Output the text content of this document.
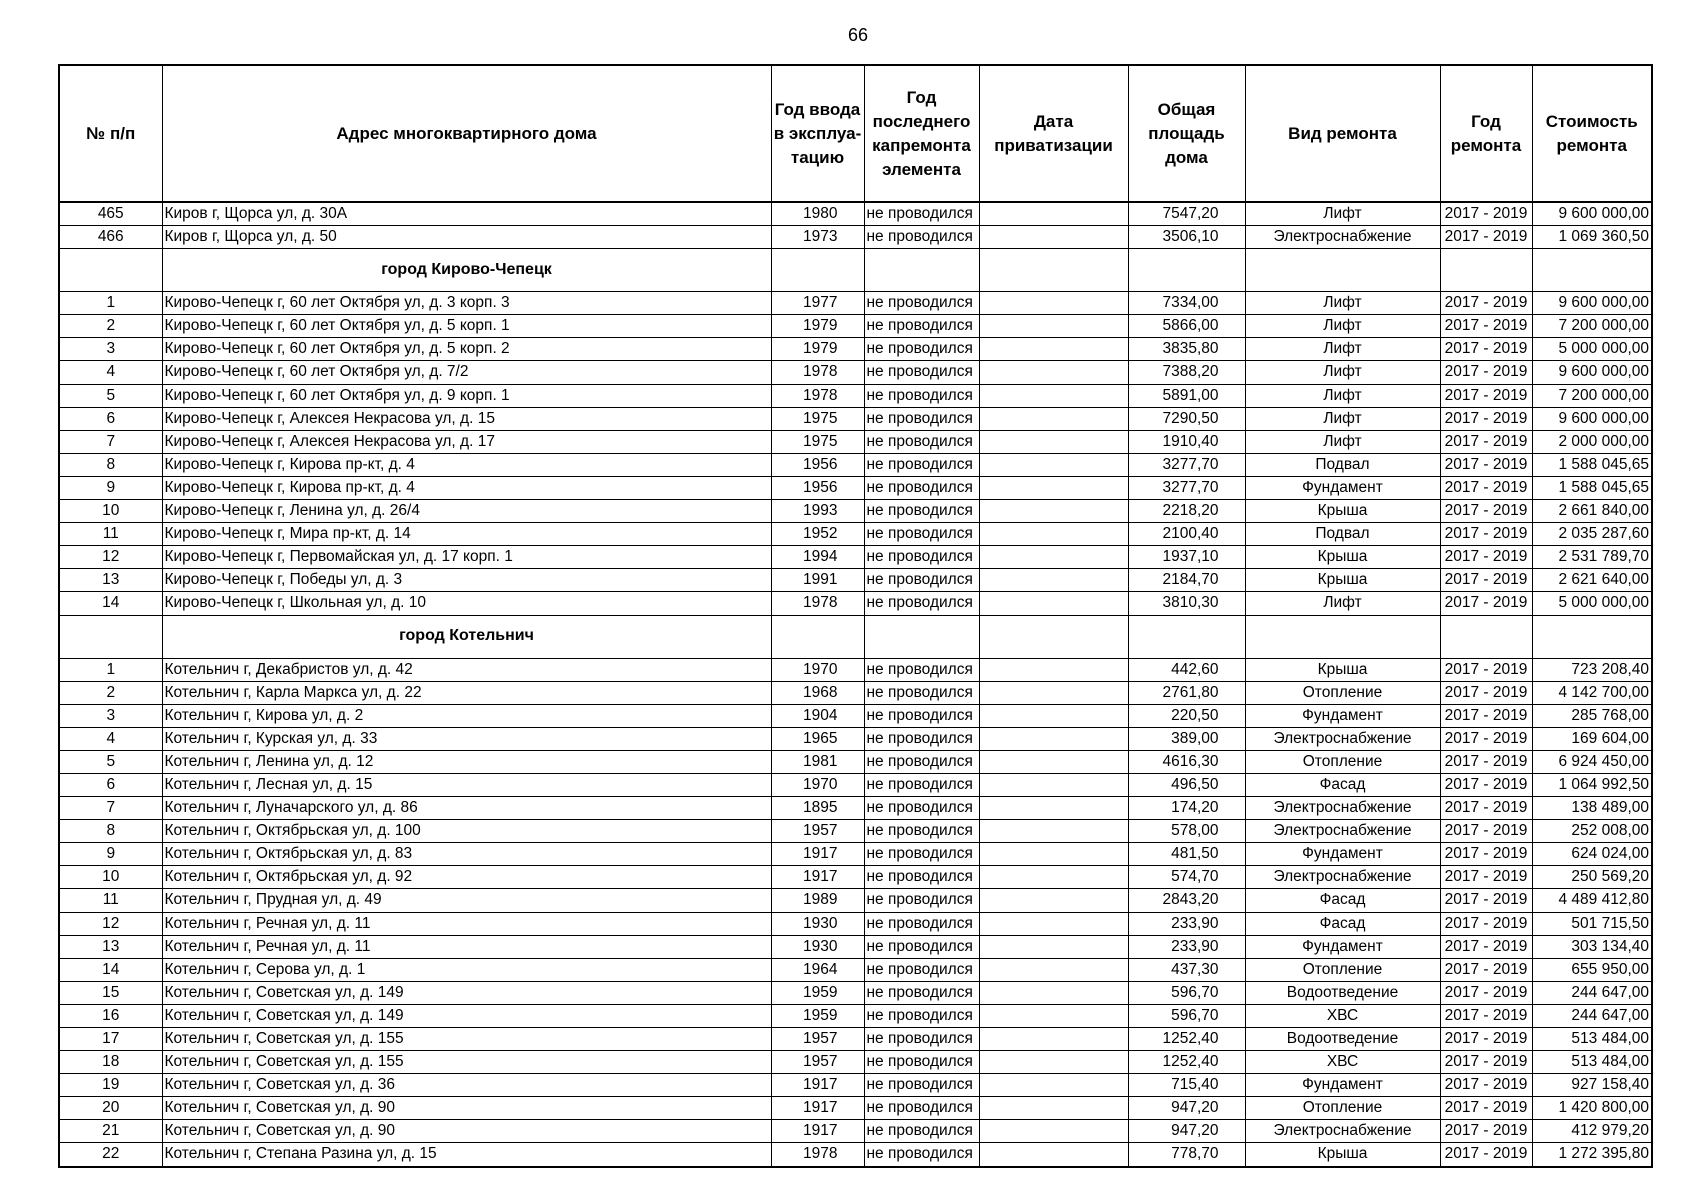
66
№ п/п	Адрес многоквартирного дома	Год ввода в эксплуа-тацию	Год последнего капремонта элемента	Дата приватизации	Общая площадь дома	Вид ремонта	Год ремонта	Стоимость ремонта
465	Киров г, Щорса ул, д. 30А	1980	не проводился		7547,20	Лифт	2017 - 2019	9 600 000,00
466	Киров г, Щорса ул, д. 50	1973	не проводился		3506,10	Электроснабжение	2017 - 2019	1 069 360,50
	город Кирово-Чепецк							
1	Кирово-Чепецк г, 60 лет Октября ул, д. 3 корп. 3	1977	не проводился		7334,00	Лифт	2017 - 2019	9 600 000,00
2	Кирово-Чепецк г, 60 лет Октября ул, д. 5 корп. 1	1979	не проводился		5866,00	Лифт	2017 - 2019	7 200 000,00
3	Кирово-Чепецк г, 60 лет Октября ул, д. 5 корп. 2	1979	не проводился		3835,80	Лифт	2017 - 2019	5 000 000,00
4	Кирово-Чепецк г, 60 лет Октября ул, д. 7/2	1978	не проводился		7388,20	Лифт	2017 - 2019	9 600 000,00
5	Кирово-Чепецк г, 60 лет Октября ул, д. 9 корп. 1	1978	не проводился		5891,00	Лифт	2017 - 2019	7 200 000,00
6	Кирово-Чепецк г, Алексея Некрасова ул, д. 15	1975	не проводился		7290,50	Лифт	2017 - 2019	9 600 000,00
7	Кирово-Чепецк г, Алексея Некрасова ул, д. 17	1975	не проводился		1910,40	Лифт	2017 - 2019	2 000 000,00
8	Кирово-Чепецк г, Кирова пр-кт, д. 4	1956	не проводился		3277,70	Подвал	2017 - 2019	1 588 045,65
9	Кирово-Чепецк г, Кирова пр-кт, д. 4	1956	не проводился		3277,70	Фундамент	2017 - 2019	1 588 045,65
10	Кирово-Чепецк г, Ленина ул, д. 26/4	1993	не проводился		2218,20	Крыша	2017 - 2019	2 661 840,00
11	Кирово-Чепецк г, Мира пр-кт, д. 14	1952	не проводился		2100,40	Подвал	2017 - 2019	2 035 287,60
12	Кирово-Чепецк г, Первомайская ул, д. 17 корп. 1	1994	не проводился		1937,10	Крыша	2017 - 2019	2 531 789,70
13	Кирово-Чепецк г, Победы ул, д. 3	1991	не проводился		2184,70	Крыша	2017 - 2019	2 621 640,00
14	Кирово-Чепецк г, Школьная ул, д. 10	1978	не проводился		3810,30	Лифт	2017 - 2019	5 000 000,00
	город Котельнич							
1	Котельнич г, Декабристов ул, д. 42	1970	не проводился		442,60	Крыша	2017 - 2019	723 208,40
2	Котельнич г, Карла Маркса ул, д. 22	1968	не проводился		2761,80	Отопление	2017 - 2019	4 142 700,00
3	Котельнич г, Кирова ул, д. 2	1904	не проводился		220,50	Фундамент	2017 - 2019	285 768,00
4	Котельнич г, Курская ул, д. 33	1965	не проводился		389,00	Электроснабжение	2017 - 2019	169 604,00
5	Котельнич г, Ленина ул, д. 12	1981	не проводился		4616,30	Отопление	2017 - 2019	6 924 450,00
6	Котельнич г, Лесная ул, д. 15	1970	не проводился		496,50	Фасад	2017 - 2019	1 064 992,50
7	Котельнич г, Луначарского ул, д. 86	1895	не проводился		174,20	Электроснабжение	2017 - 2019	138 489,00
8	Котельнич г, Октябрьская ул, д. 100	1957	не проводился		578,00	Электроснабжение	2017 - 2019	252 008,00
9	Котельнич г, Октябрьская ул, д. 83	1917	не проводился		481,50	Фундамент	2017 - 2019	624 024,00
10	Котельнич г, Октябрьская ул, д. 92	1917	не проводился		574,70	Электроснабжение	2017 - 2019	250 569,20
11	Котельнич г, Прудная ул, д. 49	1989	не проводился		2843,20	Фасад	2017 - 2019	4 489 412,80
12	Котельнич г, Речная ул, д. 11	1930	не проводился		233,90	Фасад	2017 - 2019	501 715,50
13	Котельнич г, Речная ул, д. 11	1930	не проводился		233,90	Фундамент	2017 - 2019	303 134,40
14	Котельнич г, Серова ул, д. 1	1964	не проводился		437,30	Отопление	2017 - 2019	655 950,00
15	Котельнич г, Советская ул, д. 149	1959	не проводился		596,70	Водоотведение	2017 - 2019	244 647,00
16	Котельнич г, Советская ул, д. 149	1959	не проводился		596,70	ХВС	2017 - 2019	244 647,00
17	Котельнич г, Советская ул, д. 155	1957	не проводился		1252,40	Водоотведение	2017 - 2019	513 484,00
18	Котельнич г, Советская ул, д. 155	1957	не проводился		1252,40	ХВС	2017 - 2019	513 484,00
19	Котельнич г, Советская ул, д. 36	1917	не проводился		715,40	Фундамент	2017 - 2019	927 158,40
20	Котельнич г, Советская ул, д. 90	1917	не проводился		947,20	Отопление	2017 - 2019	1 420 800,00
21	Котельнич г, Советская ул, д. 90	1917	не проводился		947,20	Электроснабжение	2017 - 2019	412 979,20
22	Котельнич г, Степана Разина ул, д. 15	1978	не проводился		778,70	Крыша	2017 - 2019	1 272 395,80
